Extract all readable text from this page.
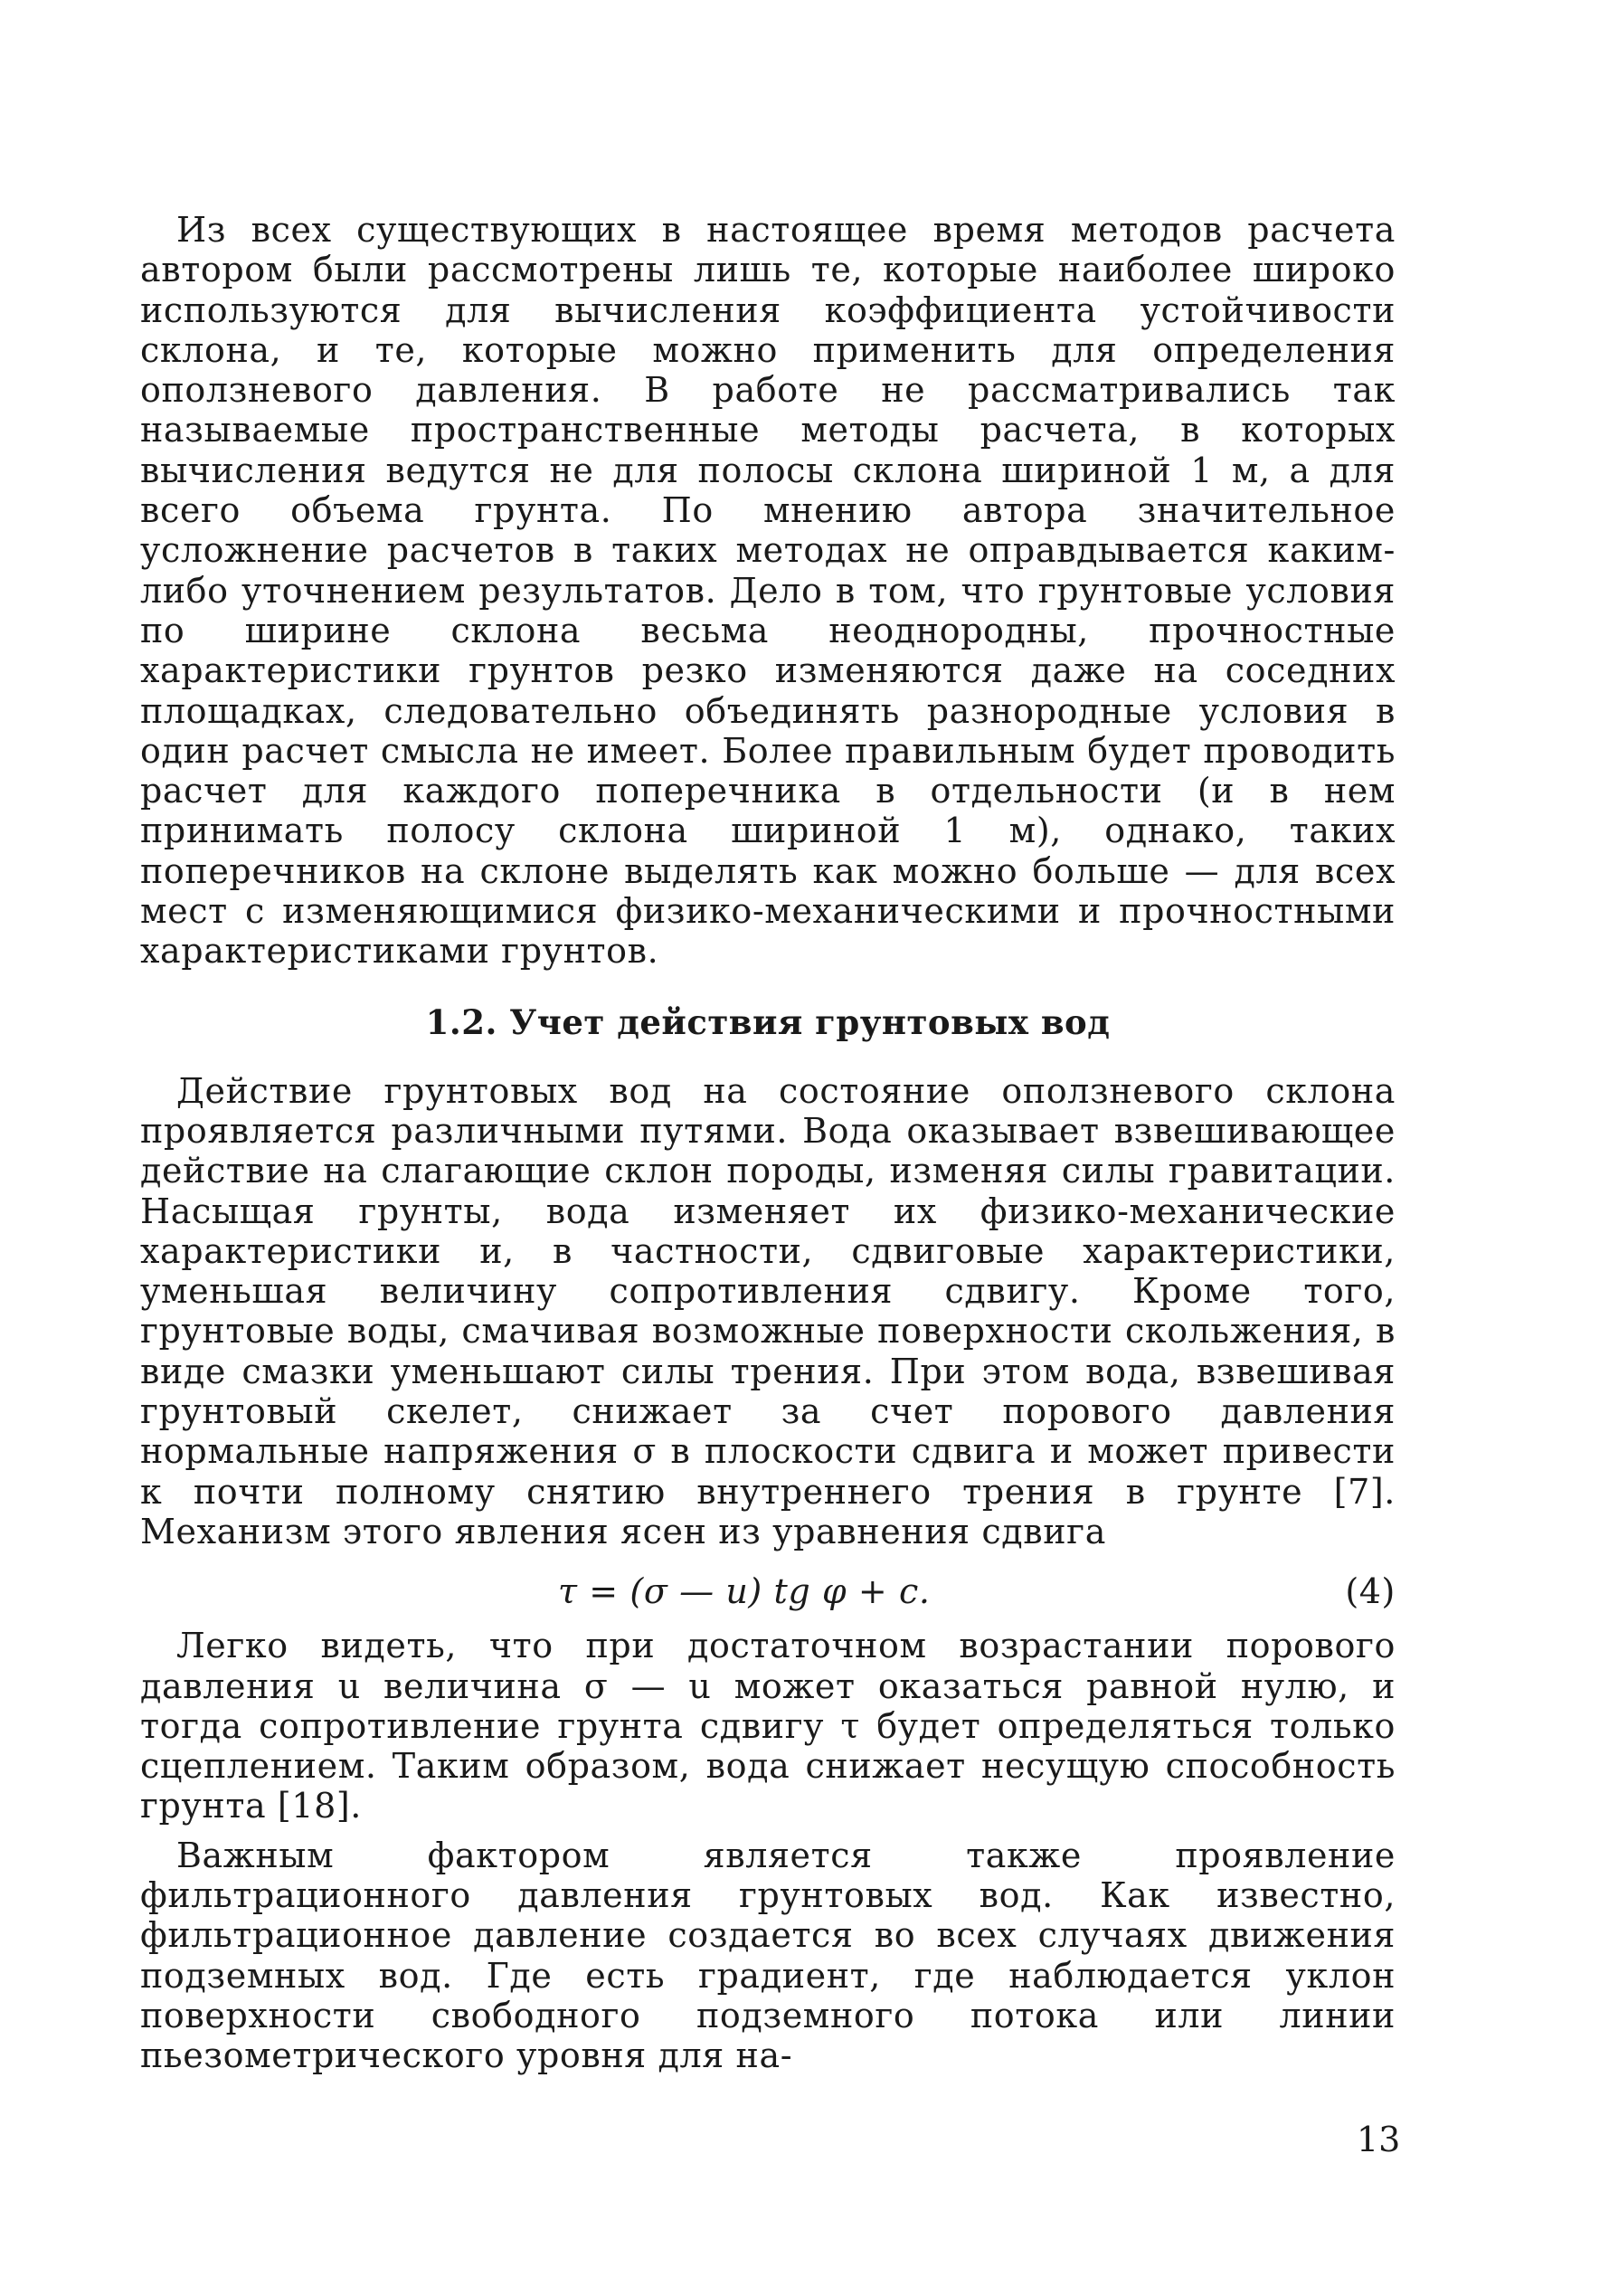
Из всех существующих в настоящее время методов расчета автором были рассмотрены лишь те, которые наиболее широко используются для вычисления коэффициента устойчивости склона, и те, которые можно применить для определения оползневого давления. В работе не рассматривались так называемые пространственные методы расчета, в которых вычисления ведутся не для полосы склона шириной 1 м, а для всего объема грунта. По мнению автора значительное усложнение расчетов в таких методах не оправдывается каким-либо уточнением результатов. Дело в том, что грунтовые условия по ширине склона весьма неоднородны, прочностные характеристики грунтов резко изменяются даже на соседних площадках, следовательно объединять разнородные условия в один расчет смысла не имеет. Более правильным будет проводить расчет для каждого поперечника в отдельности (и в нем принимать полосу склона шириной 1 м), однако, таких поперечников на склоне выделять как можно больше — для всех мест с изменяющимися физико-механическими и прочностными характеристиками грунтов.

1.2. Учет действия грунтовых вод

Действие грунтовых вод на состояние оползневого склона проявляется различными путями. Вода оказывает взвешивающее действие на слагающие склон породы, изменяя силы гравитации. Насыщая грунты, вода изменяет их физико-механические характеристики и, в частности, сдвиговые характеристики, уменьшая величину сопротивления сдвигу. Кроме того, грунтовые воды, смачивая возможные поверхности скольжения, в виде смазки уменьшают силы трения. При этом вода, взвешивая грунтовый скелет, снижает за счет порового давления нормальные напряжения σ в плоскости сдвига и может привести к почти полному снятию внутреннего трения в грунте [7]. Механизм этого явления ясен из уравнения сдвига

τ = (σ — u) tg φ + c.	(4)

Легко видеть, что при достаточном возрастании порового давления u величина σ — u может оказаться равной нулю, и тогда сопротивление грунта сдвигу τ будет определяться только сцеплением. Таким образом, вода снижает несущую способность грунта [18].

Важным фактором является также проявление фильтрационного давления грунтовых вод. Как известно, фильтрационное давление создается во всех случаях движения подземных вод. Где есть градиент, где наблюдается уклон поверхности свободного подземного потока или линии пьезометрического уровня для на-

13
